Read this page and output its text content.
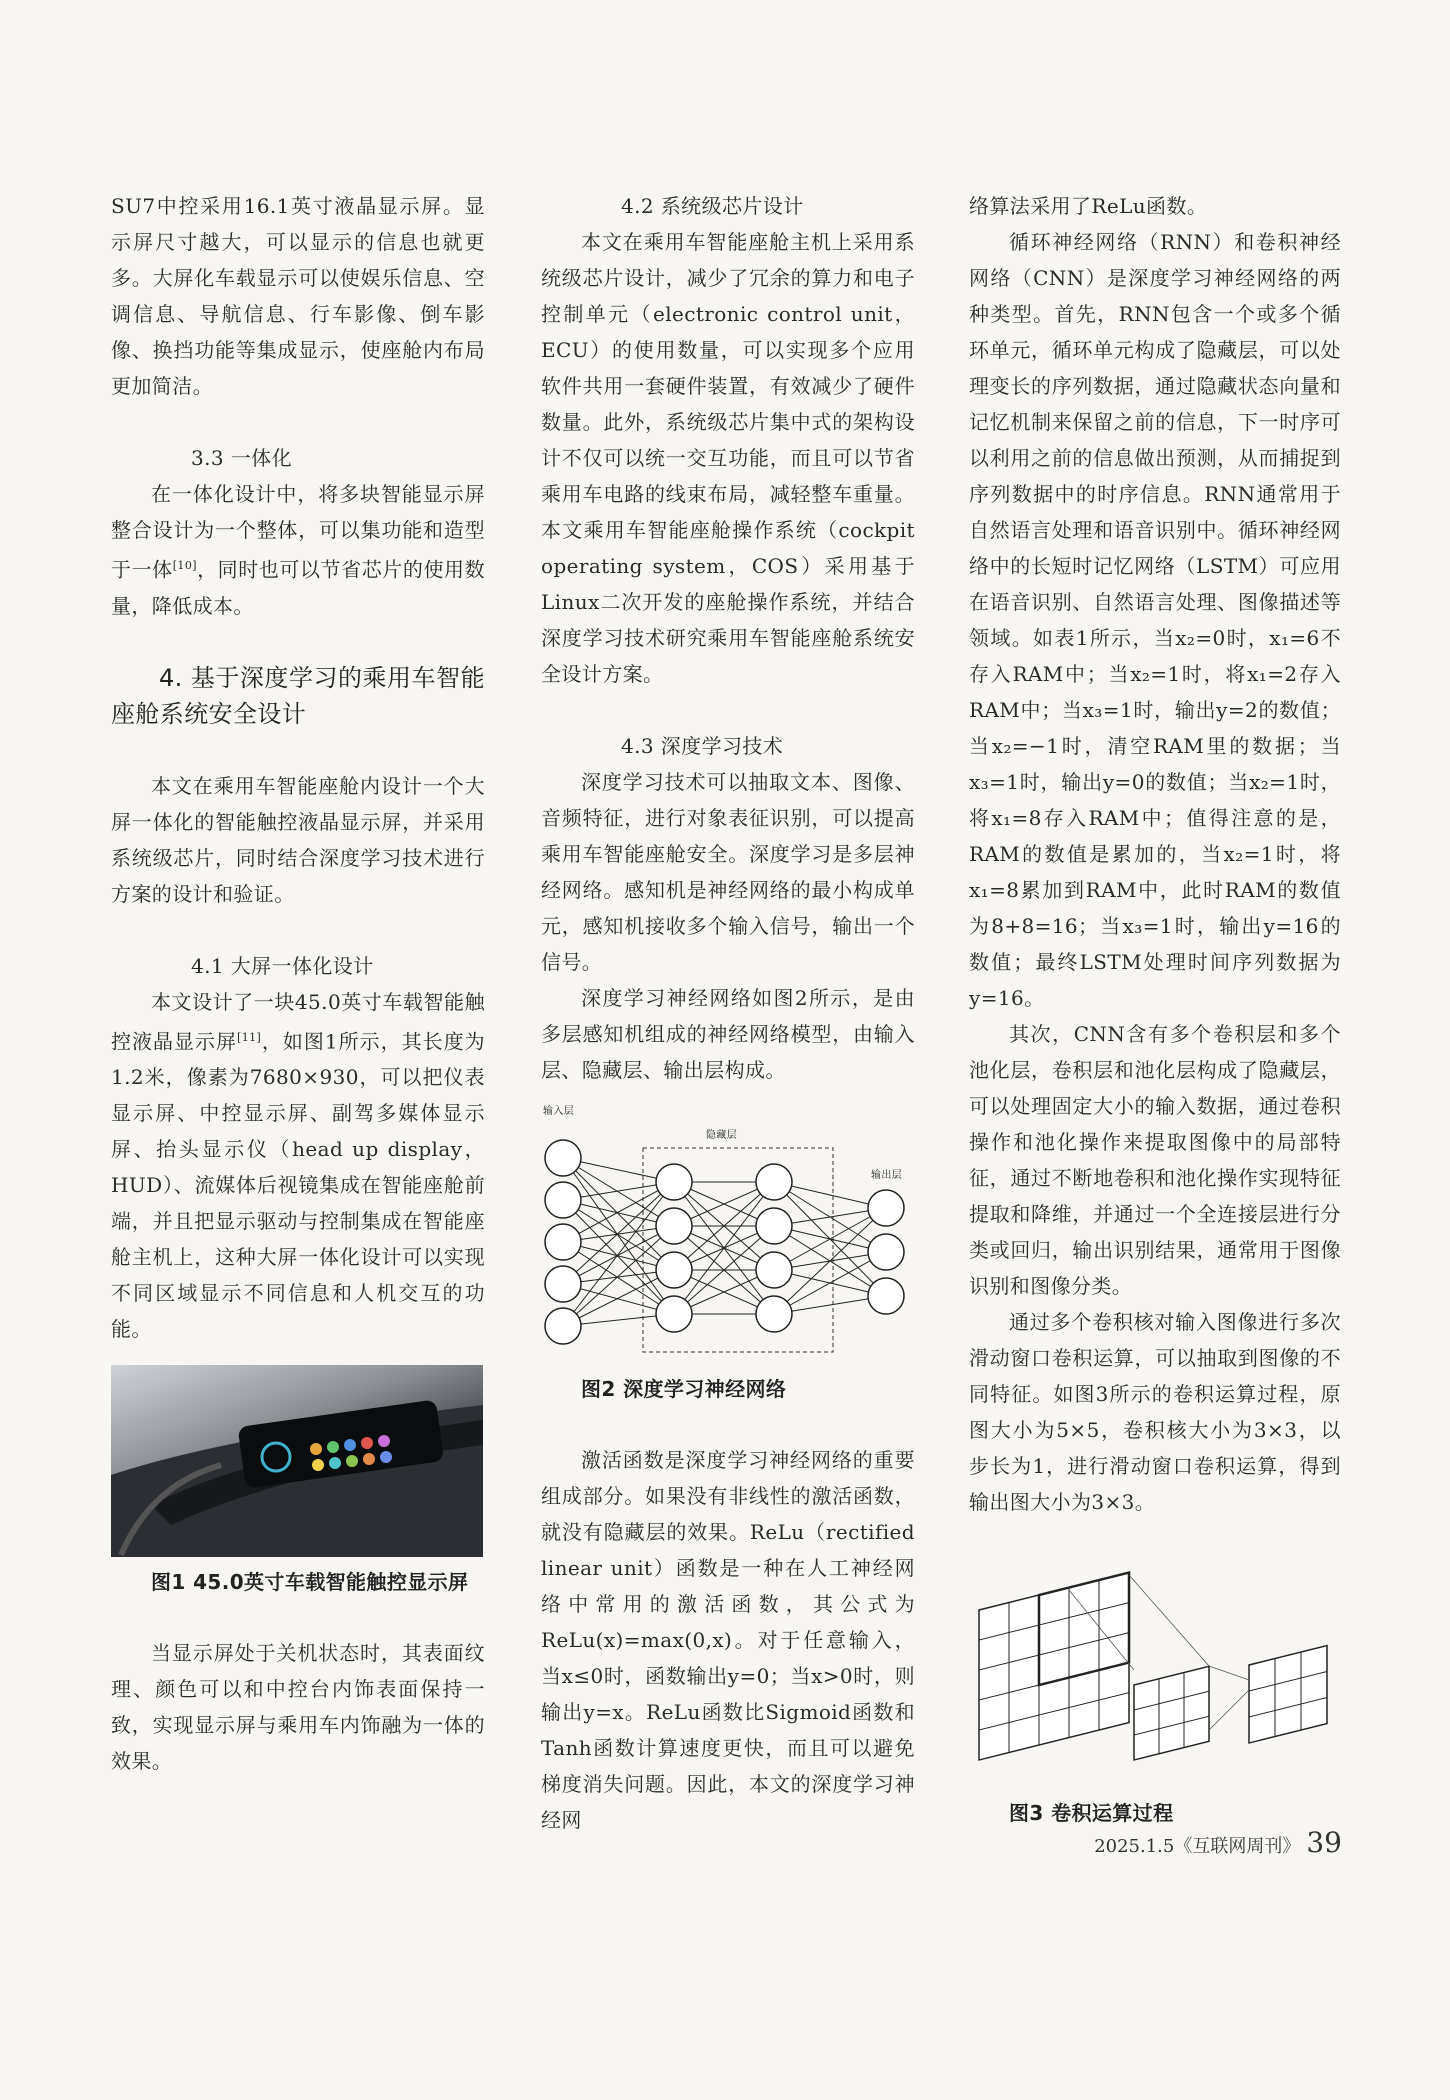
SU7中控采用16.1英寸液晶显示屏。显示屏尺寸越大，可以显示的信息也就更多。大屏化车载显示可以使娱乐信息、空调信息、导航信息、行车影像、倒车影像、换挡功能等集成显示，使座舱内布局更加简洁。

3.3 一体化

在一体化设计中，将多块智能显示屏整合设计为一个整体，可以集功能和造型于一体[10]，同时也可以节省芯片的使用数量，降低成本。

4. 基于深度学习的乘用车智能座舱系统安全设计

本文在乘用车智能座舱内设计一个大屏一体化的智能触控液晶显示屏，并采用系统级芯片，同时结合深度学习技术进行方案的设计和验证。

4.1 大屏一体化设计

本文设计了一块45.0英寸车载智能触控液晶显示屏[11]，如图1所示，其长度为1.2米，像素为7680×930，可以把仪表显示屏、中控显示屏、副驾多媒体显示屏、抬头显示仪（head up display，HUD）、流媒体后视镜集成在智能座舱前端，并且把显示驱动与控制集成在智能座舱主机上，这种大屏一体化设计可以实现不同区域显示不同信息和人机交互的功能。

图1 45.0英寸车载智能触控显示屏

当显示屏处于关机状态时，其表面纹理、颜色可以和中控台内饰表面保持一致，实现显示屏与乘用车内饰融为一体的效果。

4.2 系统级芯片设计

本文在乘用车智能座舱主机上采用系统级芯片设计，减少了冗余的算力和电子控制单元（electronic control unit，ECU）的使用数量，可以实现多个应用软件共用一套硬件装置，有效减少了硬件数量。此外，系统级芯片集中式的架构设计不仅可以统一交互功能，而且可以节省乘用车电路的线束布局，减轻整车重量。本文乘用车智能座舱操作系统（cockpit operating system，COS）采用基于Linux二次开发的座舱操作系统，并结合深度学习技术研究乘用车智能座舱系统安全设计方案。

4.3 深度学习技术

深度学习技术可以抽取文本、图像、音频特征，进行对象表征识别，可以提高乘用车智能座舱安全。深度学习是多层神经网络。感知机是神经网络的最小构成单元，感知机接收多个输入信号，输出一个信号。

深度学习神经网络如图2所示，是由多层感知机组成的神经网络模型，由输入层、隐藏层、输出层构成。

输入层
隐藏层
输出层

图2 深度学习神经网络

激活函数是深度学习神经网络的重要组成部分。如果没有非线性的激活函数，就没有隐藏层的效果。ReLu（rectified linear unit）函数是一种在人工神经网络中常用的激活函数，其公式为ReLu(x)=max(0,x)。对于任意输入，当x≤0时，函数输出y=0；当x>0时，则输出y=x。ReLu函数比Sigmoid函数和Tanh函数计算速度更快，而且可以避免梯度消失问题。因此，本文的深度学习神经网

络算法采用了ReLu函数。

循环神经网络（RNN）和卷积神经网络（CNN）是深度学习神经网络的两种类型。首先，RNN包含一个或多个循环单元，循环单元构成了隐藏层，可以处理变长的序列数据，通过隐藏状态向量和记忆机制来保留之前的信息，下一时序可以利用之前的信息做出预测，从而捕捉到序列数据中的时序信息。RNN通常用于自然语言处理和语音识别中。循环神经网络中的长短时记忆网络（LSTM）可应用在语音识别、自然语言处理、图像描述等领域。如表1所示，当x₂=0时，x₁=6不存入RAM中；当x₂=1时，将x₁=2存入RAM中；当x₃=1时，输出y=2的数值；当x₂=−1时，清空RAM里的数据；当x₃=1时，输出y=0的数值；当x₂=1时，将x₁=8存入RAM中；值得注意的是，RAM的数值是累加的，当x₂=1时，将x₁=8累加到RAM中，此时RAM的数值为8+8=16；当x₃=1时，输出y=16的数值；最终LSTM处理时间序列数据为y=16。

其次，CNN含有多个卷积层和多个池化层，卷积层和池化层构成了隐藏层，可以处理固定大小的输入数据，通过卷积操作和池化操作来提取图像中的局部特征，通过不断地卷积和池化操作实现特征提取和降维，并通过一个全连接层进行分类或回归，输出识别结果，通常用于图像识别和图像分类。

通过多个卷积核对输入图像进行多次滑动窗口卷积运算，可以抽取到图像的不同特征。如图3所示的卷积运算过程，原图大小为5×5，卷积核大小为3×3，以步长为1，进行滑动窗口卷积运算，得到输出图大小为3×3。

图3 卷积运算过程

2025.1.5《互联网周刊》 39
